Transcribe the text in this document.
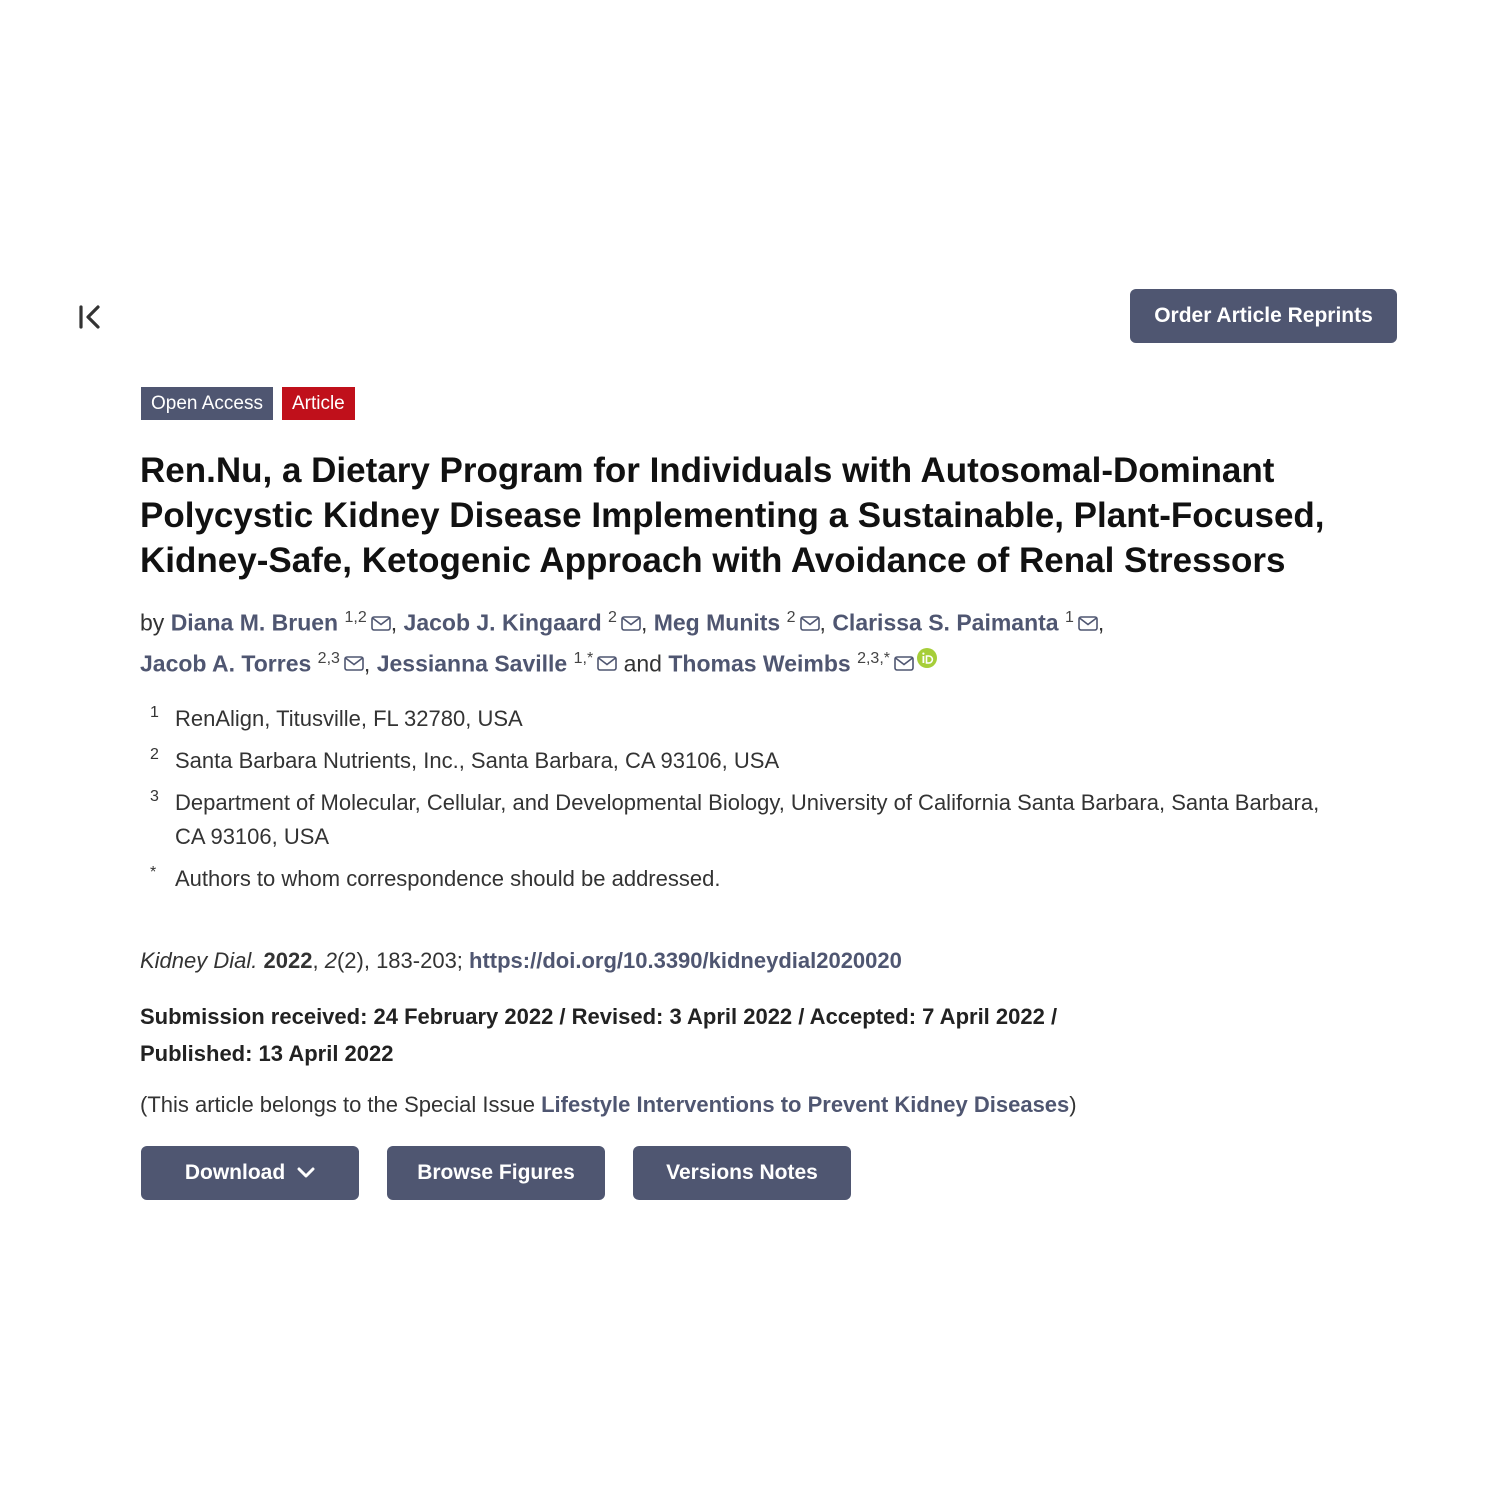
Order Article Reprints
Open Access	Article
Ren.Nu, a Dietary Program for Individuals with Autosomal-Dominant Polycystic Kidney Disease Implementing a Sustainable, Plant-Focused, Kidney-Safe, Ketogenic Approach with Avoidance of Renal Stressors
by Diana M. Bruen $^{1,2}$ , Jacob J. Kingaard $^2$ , Meg Munits $^2$ , Clarissa S. Paimanta $^1$ ,
Jacob A. Torres $^{2,3}$ , Jessianna Saville $^{1,*}$ and Thomas Weimbs $^{2,3,*}$
1 RenAlign, Titusville, FL 32780, USA
2 Santa Barbara Nutrients, Inc., Santa Barbara, CA 93106, USA
3 Department of Molecular, Cellular, and Developmental Biology, University of California Santa Barbara, Santa Barbara, CA 93106, USA
* Authors to whom correspondence should be addressed.
Kidney Dial. 2022, 2(2), 183-203; https://doi.org/10.3390/kidneydial2020020
Submission received: 24 February 2022 / Revised: 3 April 2022 / Accepted: 7 April 2022 /
Published: 13 April 2022
(This article belongs to the Special Issue Lifestyle Interventions to Prevent Kidney Diseases)
Download	Browse Figures	Versions Notes
